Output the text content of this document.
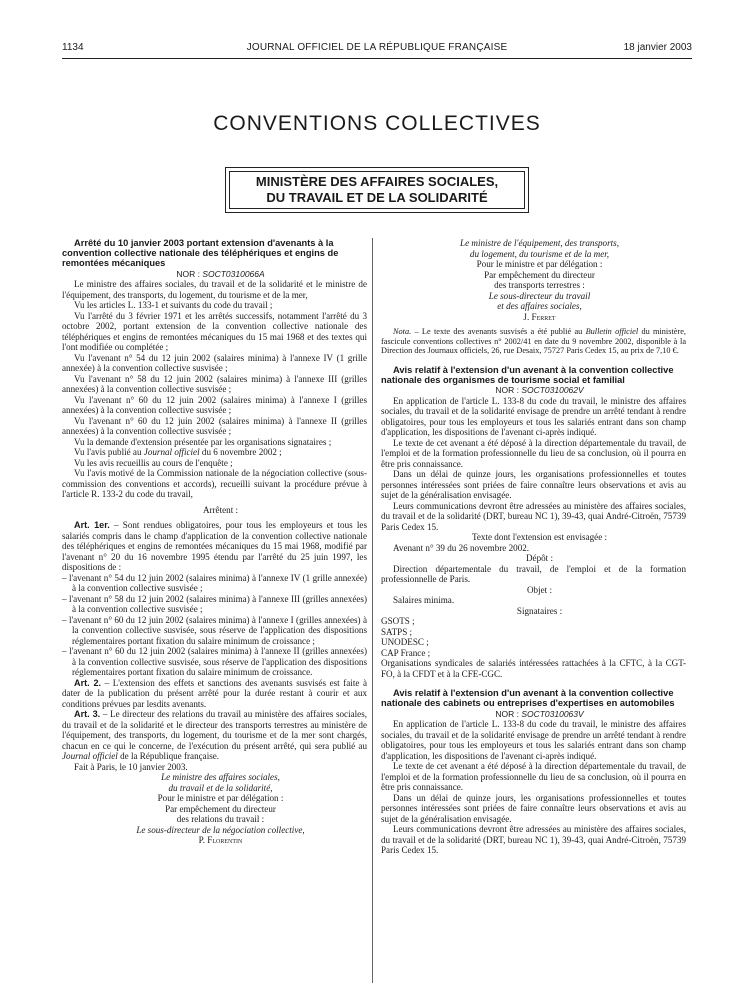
1134	JOURNAL OFFICIEL DE LA RÉPUBLIQUE FRANÇAISE	18 janvier 2003
CONVENTIONS COLLECTIVES
MINISTÈRE DES AFFAIRES SOCIALES,
DU TRAVAIL ET DE LA SOLIDARITÉ

Arrêté du 10 janvier 2003 portant extension d'avenants à la convention collective nationale des téléphériques et engins de remontées mécaniques

NOR : SOCT0310066A

Le ministre des affaires sociales, du travail et de la solidarité et le ministre de l'équipement, des transports, du logement, du tourisme et de la mer,

Vu les articles L. 133-1 et suivants du code du travail ;

Vu l'arrêté du 3 février 1971 et les arrêtés successifs, notamment l'arrêté du 3 octobre 2002, portant extension de la convention collective nationale des téléphériques et engins de remontées mécaniques du 15 mai 1968 et des textes qui l'ont modifiée ou complétée ;

Vu l'avenant n° 54 du 12 juin 2002 (salaires minima) à l'annexe IV (1 grille annexée) à la convention collective susvisée ;

Vu l'avenant n° 58 du 12 juin 2002 (salaires minima) à l'annexe III (grilles annexées) à la convention collective susvisée ;

Vu l'avenant n° 60 du 12 juin 2002 (salaires minima) à l'annexe I (grilles annexées) à la convention collective susvisée ;

Vu l'avenant n° 60 du 12 juin 2002 (salaires minima) à l'annexe II (grilles annexées) à la convention collective susvisée ;

Vu la demande d'extension présentée par les organisations signataires ;

Vu l'avis publié au Journal officiel du 6 novembre 2002 ;

Vu les avis recueillis au cours de l'enquête ;

Vu l'avis motivé de la Commission nationale de la négociation collective (sous-commission des conventions et accords), recueilli suivant la procédure prévue à l'article R. 133-2 du code du travail,

Arrêtent :

Art. 1er. – Sont rendues obligatoires, pour tous les employeurs et tous les salariés compris dans le champ d'application de la convention collective nationale des téléphériques et engins de remontées mécaniques du 15 mai 1968, modifié par l'avenant n° 20 du 16 novembre 1995 étendu par l'arrêté du 25 juin 1997, les dispositions de :

– l'avenant n° 54 du 12 juin 2002 (salaires minima) à l'annexe IV (1 grille annexée) à la convention collective susvisée ;

– l'avenant n° 58 du 12 juin 2002 (salaires minima) à l'annexe III (grilles annexées) à la convention collective susvisée ;

– l'avenant n° 60 du 12 juin 2002 (salaires minima) à l'annexe I (grilles annexées) à la convention collective susvisée, sous réserve de l'application des dispositions réglementaires portant fixation du salaire minimum de croissance ;

– l'avenant n° 60 du 12 juin 2002 (salaires minima) à l'annexe II (grilles annexées) à la convention collective susvisée, sous réserve de l'application des dispositions réglementaires portant fixation du salaire minimum de croissance.

Art. 2. – L'extension des effets et sanctions des avenants susvisés est faite à dater de la publication du présent arrêté pour la durée restant à courir et aux conditions prévues par lesdits avenants.

Art. 3. – Le directeur des relations du travail au ministère des affaires sociales, du travail et de la solidarité et le directeur des transports terrestres au ministère de l'équipement, des transports, du logement, du tourisme et de la mer sont chargés, chacun en ce qui le concerne, de l'exécution du présent arrêté, qui sera publié au Journal officiel de la République française.

Fait à Paris, le 10 janvier 2003.

Le ministre des affaires sociales,

du travail et de la solidarité,

Pour le ministre et par délégation :

Par empêchement du directeur

des relations du travail :

Le sous-directeur de la négociation collective,

P. Florentin

Le ministre de l'équipement, des transports,

du logement, du tourisme et de la mer,

Pour le ministre et par délégation :

Par empêchement du directeur

des transports terrestres :

Le sous-directeur du travail

et des affaires sociales,

J. Ferret

Nota. – Le texte des avenants susvisés a été publié au Bulletin officiel du ministère, fascicule conventions collectives n° 2002/41 en date du 9 novembre 2002, disponible à la Direction des Journaux officiels, 26, rue Desaix, 75727 Paris Cedex 15, au prix de 7,10 €.

Avis relatif à l'extension d'un avenant à la convention collective nationale des organismes de tourisme social et familial

NOR : SOCT0310062V

En application de l'article L. 133-8 du code du travail, le ministre des affaires sociales, du travail et de la solidarité envisage de prendre un arrêté tendant à rendre obligatoires, pour tous les employeurs et tous les salariés entrant dans son champ d'application, les dispositions de l'avenant ci-après indiqué.

Le texte de cet avenant a été déposé à la direction départementale du travail, de l'emploi et de la formation professionnelle du lieu de sa conclusion, où il pourra en être pris connaissance.

Dans un délai de quinze jours, les organisations professionnelles et toutes personnes intéressées sont priées de faire connaître leurs observations et avis au sujet de la généralisation envisagée.

Leurs communications devront être adressées au ministère des affaires sociales, du travail et de la solidarité (DRT, bureau NC 1), 39-43, quai André-Citroën, 75739 Paris Cedex 15.

Texte dont l'extension est envisagée :

Avenant n° 39 du 26 novembre 2002.

Dépôt :

Direction départementale du travail, de l'emploi et de la formation professionnelle de Paris.

Objet :

Salaires minima.

Signataires :

GSOTS ;

SATPS ;

UNODESC ;

CAP France ;

Organisations syndicales de salariés intéressées rattachées à la CFTC, à la CGT-FO, à la CFDT et à la CFE-CGC.

Avis relatif à l'extension d'un avenant à la convention collective nationale des cabinets ou entreprises d'expertises en automobiles

NOR : SOCT0310063V

En application de l'article L. 133-8 du code du travail, le ministre des affaires sociales, du travail et de la solidarité envisage de prendre un arrêté tendant à rendre obligatoires, pour tous les employeurs et tous les salariés entrant dans son champ d'application, les dispositions de l'avenant ci-après indiqué.

Le texte de cet avenant a été déposé à la direction départementale du travail, de l'emploi et de la formation professionnelle du lieu de sa conclusion, où il pourra en être pris connaissance.

Dans un délai de quinze jours, les organisations professionnelles et toutes personnes intéressées sont priées de faire connaître leurs observations et avis au sujet de la généralisation envisagée.

Leurs communications devront être adressées au ministère des affaires sociales, du travail et de la solidarité (DRT, bureau NC 1), 39-43, quai André-Citroën, 75739 Paris Cedex 15.
